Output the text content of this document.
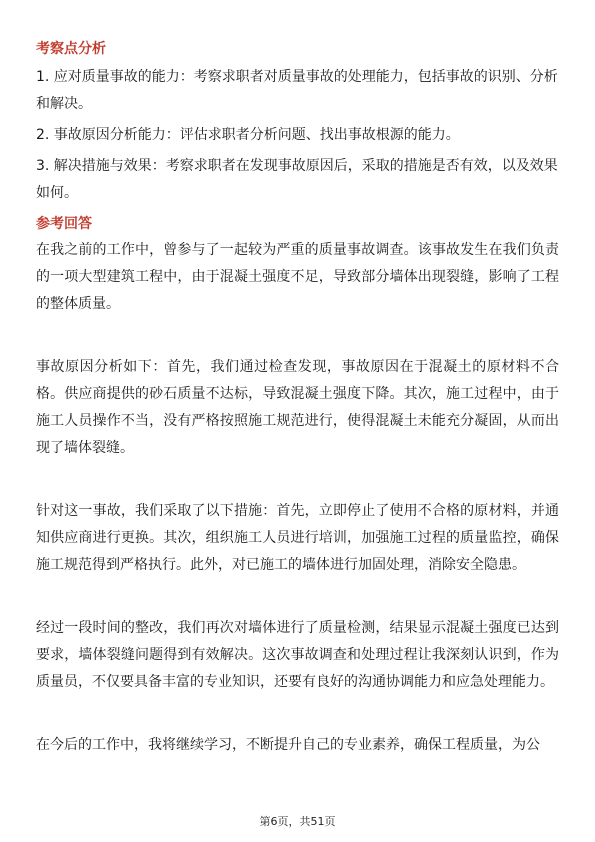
考察点分析
1. 应对质量事故的能力：考察求职者对质量事故的处理能力，包括事故的识别、分析和解决。
2. 事故原因分析能力：评估求职者分析问题、找出事故根源的能力。
3. 解决措施与效果：考察求职者在发现事故原因后，采取的措施是否有效，以及效果如何。
参考回答

在我之前的工作中，曾参与了一起较为严重的质量事故调查。该事故发生在我们负责的一项大型建筑工程中，由于混凝土强度不足，导致部分墙体出现裂缝，影响了工程的整体质量。

事故原因分析如下：首先，我们通过检查发现，事故原因在于混凝土的原材料不合格。供应商提供的砂石质量不达标，导致混凝土强度下降。其次，施工过程中，由于施工人员操作不当，没有严格按照施工规范进行，使得混凝土未能充分凝固，从而出现了墙体裂缝。

针对这一事故，我们采取了以下措施：首先，立即停止了使用不合格的原材料，并通知供应商进行更换。其次，组织施工人员进行培训，加强施工过程的质量监控，确保施工规范得到严格执行。此外，对已施工的墙体进行加固处理，消除安全隐患。

经过一段时间的整改，我们再次对墙体进行了质量检测，结果显示混凝土强度已达到要求，墙体裂缝问题得到有效解决。这次事故调查和处理过程让我深刻认识到，作为质量员，不仅要具备丰富的专业知识，还要有良好的沟通协调能力和应急处理能力。

在今后的工作中，我将继续学习，不断提升自己的专业素养，确保工程质量，为公

第6页，共51页
